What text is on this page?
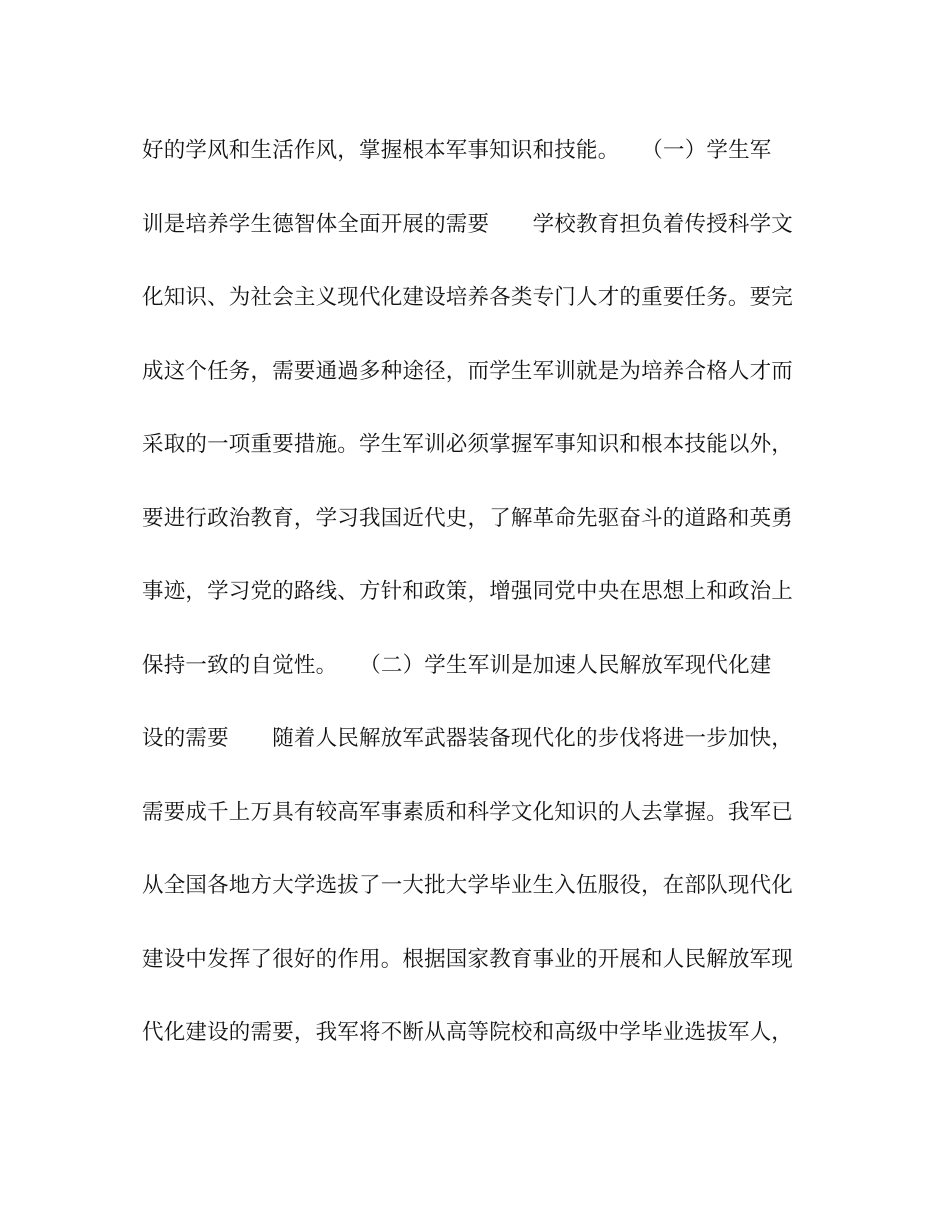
好的学风和生活作风，掌握根本军事知识和技能。　　（一）学生军
训是培养学生德智体全面开展的需要　　学校教育担负着传授科学文
化知识、为社会主义现代化建设培养各类专门人才的重要任务。要完
成这个任务，需要通過多种途径，而学生军训就是为培养合格人才而
采取的一项重要措施。学生军训必须掌握军事知识和根本技能以外，
要进行政治教育，学习我国近代史，了解革命先驱奋斗的道路和英勇
事迹，学习党的路线、方针和政策，增强同党中央在思想上和政治上
保持一致的自觉性。　　（二）学生军训是加速人民解放军现代化建
设的需要　　随着人民解放军武器装备现代化的步伐将进一步加快，
需要成千上万具有较高军事素质和科学文化知识的人去掌握。我军已
从全国各地方大学选拔了一大批大学毕业生入伍服役，在部队现代化
建设中发挥了很好的作用。根据国家教育事业的开展和人民解放军现
代化建设的需要，我军将不断从高等院校和高级中学毕业选拔军人，
